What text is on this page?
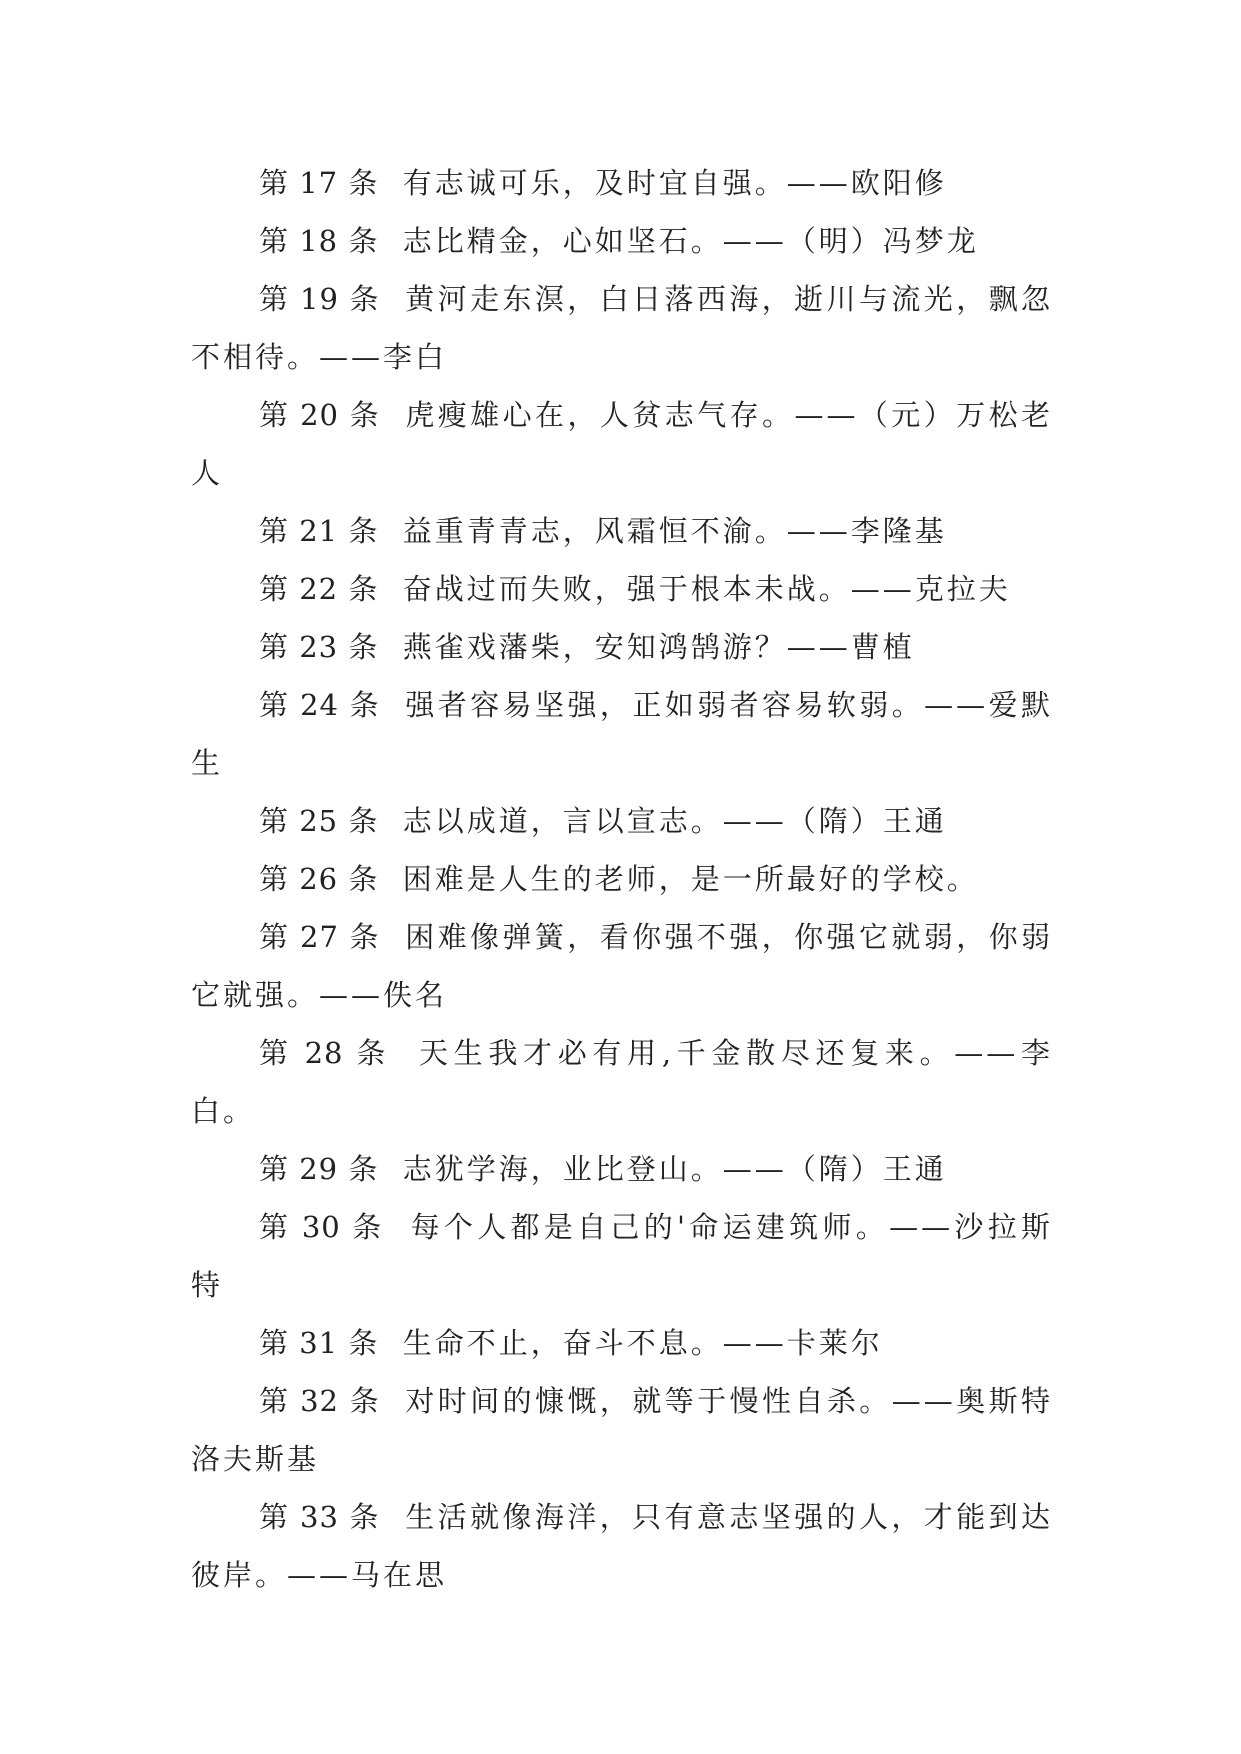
第 17 条 有志诚可乐，及时宜自强。——欧阳修

第 18 条 志比精金，心如坚石。——（明）冯梦龙

第 19 条 黄河走东溟，白日落西海，逝川与流光，飘忽不相待。——李白

第 20 条 虎瘦雄心在，人贫志气存。——（元）万松老人

第 21 条 益重青青志，风霜恒不渝。——李隆基

第 22 条 奋战过而失败，强于根本未战。——克拉夫

第 23 条 燕雀戏藩柴，安知鸿鹄游？——曹植

第 24 条 强者容易坚强，正如弱者容易软弱。——爱默生

第 25 条 志以成道，言以宣志。——（隋）王通

第 26 条 困难是人生的老师，是一所最好的学校。

第 27 条 困难像弹簧，看你强不强，你强它就弱，你弱它就强。——佚名

第 28 条 天生我才必有用,千金散尽还复来。——李白。

第 29 条 志犹学海，业比登山。——（隋）王通

第 30 条 每个人都是自己的'命运建筑师。——沙拉斯特

第 31 条 生命不止，奋斗不息。——卡莱尔

第 32 条 对时间的慷慨，就等于慢性自杀。——奥斯特洛夫斯基

第 33 条 生活就像海洋，只有意志坚强的人，才能到达彼岸。——马在思
